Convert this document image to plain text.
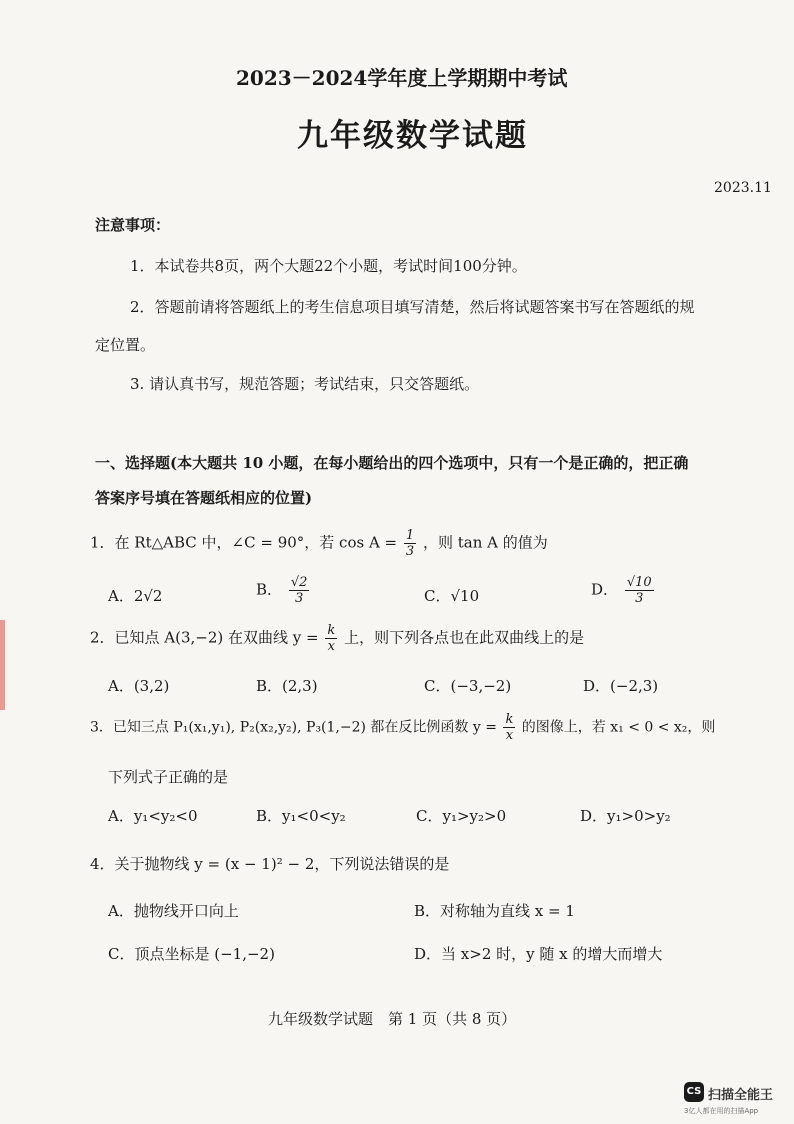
2023－2024学年度上学期期中考试
九年级数学试题
2023.11
注意事项：
1．本试卷共8页，两个大题22个小题，考试时间100分钟。
2．答题前请将答题纸上的考生信息项目填写清楚，然后将试题答案书写在答题纸的规
定位置。
3. 请认真书写，规范答题；考试结束，只交答题纸。
一、选择题(本大题共 10 小题，在每小题给出的四个选项中，只有一个是正确的，把正确
答案序号填在答题纸相应的位置)
1．在 Rt△ABC 中，∠C = 90°，若 $\cos A = \frac{1}{3}$ ，则 tan A 的值为
A．2√2	B． $\frac{√2}{3}$	C．√10	D． $\frac{√10}{3}$
2．已知点 A(3,−2) 在双曲线 $y = \frac{k}{x}$ 上，则下列各点也在此双曲线上的是
A．(3,2)	B．(2,3)	C．(−3,−2)	D．(−2,3)
3．已知三点 P₁(x₁,y₁), P₂(x₂,y₂), P₃(1,−2) 都在反比例函数 $y = \frac{k}{x}$ 的图像上，若 x₁ < 0 < x₂，则
下列式子正确的是
A．y₁<y₂<0	B．y₁<0<y₂	C．y₁>y₂>0	D．y₁>0>y₂
4．关于抛物线 y = (x − 1)² − 2，下列说法错误的是
A．抛物线开口向上	B．对称轴为直线 x = 1
C．顶点坐标是 (−1,−2)	D．当 x>2 时，y 随 x 的增大而增大
九年级数学试题　第 1 页（共 8 页）
CS 扫描全能王
3亿人都在用的扫描App
